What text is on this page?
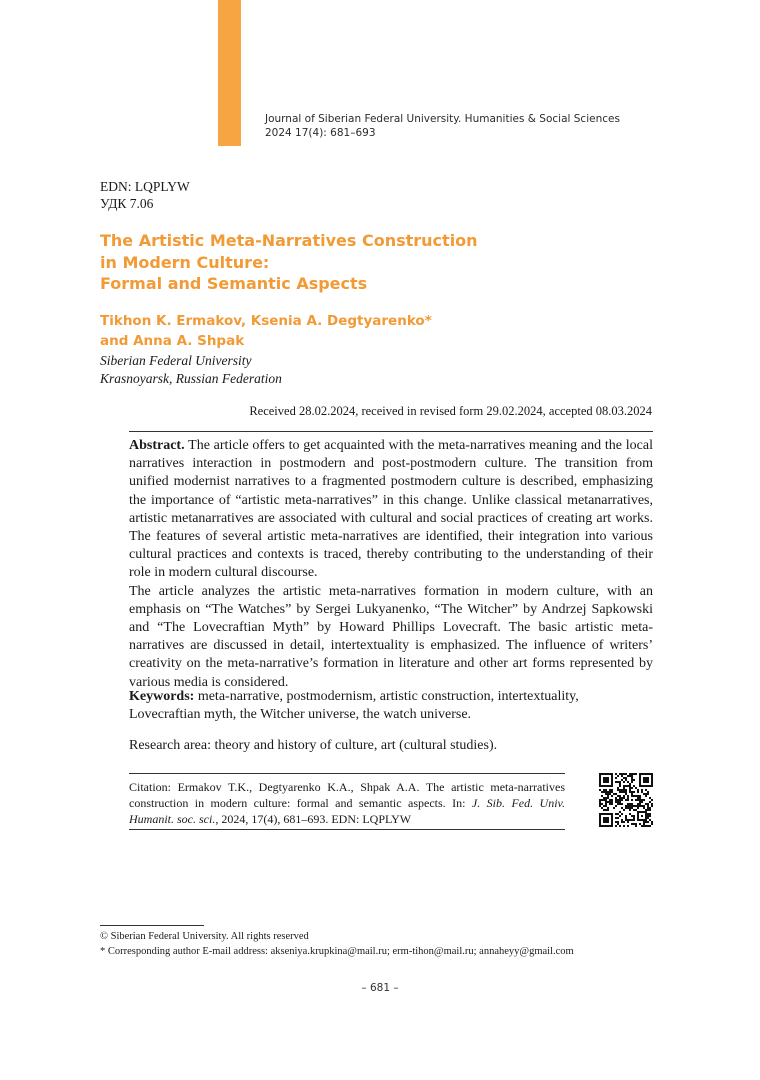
Journal of Siberian Federal University. Humanities & Social Sciences
2024 17(4): 681–693
EDN: LQPLYW
УДК 7.06
The Artistic Meta-Narratives Construction
in Modern Culture:
Formal and Semantic Aspects
Tikhon K. Ermakov, Ksenia A. Degtyarenko*
and Anna A. Shpak
Siberian Federal University
Krasnoyarsk, Russian Federation
Received 28.02.2024, received in revised form 29.02.2024, accepted 08.03.2024

Abstract. The article offers to get acquainted with the meta-narratives meaning and the local narratives interaction in postmodern and post-postmodern culture. The transition from unified modernist narratives to a fragmented postmodern culture is described, emphasizing the importance of “artistic meta-narratives” in this change. Unlike classical metanarratives, artistic metanarratives are associated with cultural and social practices of creating art works. The features of several artistic meta-narratives are identified, their integration into various cultural practices and contexts is traced, thereby contributing to the understanding of their role in modern cultural discourse.

The article analyzes the artistic meta-narratives formation in modern culture, with an emphasis on “The Watches” by Sergei Lukyanenko, “The Witcher” by Andrzej Sapkowski and “The Lovecraftian Myth” by Howard Phillips Lovecraft. The basic artistic meta-narratives are discussed in detail, intertextuality is emphasized. The influence of writers’ creativity on the meta-narrative’s formation in literature and other art forms represented by various media is considered.

Keywords: meta-narrative, postmodernism, artistic construction, intertextuality, Lovecraftian myth, the Witcher universe, the watch universe.
Research area: theory and history of culture, art (cultural studies).
Citation: Ermakov T.K., Degtyarenko K.A., Shpak A.A. The artistic meta-narratives construction in modern culture: formal and semantic aspects. In: J. Sib. Fed. Univ. Humanit. soc. sci., 2024, 17(4), 681–693. EDN: LQPLYW
© Siberian Federal University. All rights reserved
* Corresponding author E-mail address: akseniya.krupkina@mail.ru; erm-tihon@mail.ru; annaheyy@gmail.com
– 681 –
